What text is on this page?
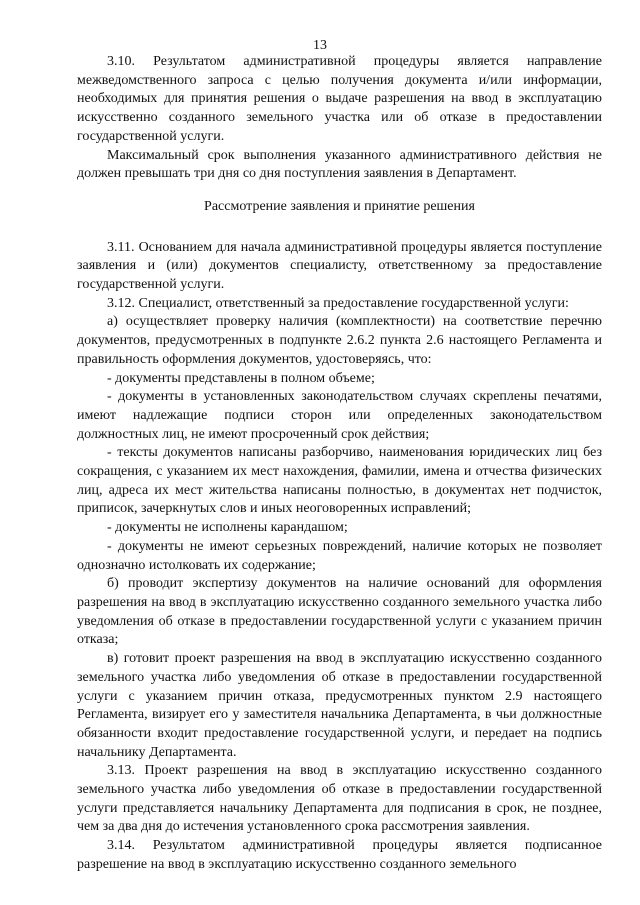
13

3.10. Результатом административной процедуры является направление межведомственного запроса с целью получения документа и/или информации, необходимых для принятия решения о выдаче разрешения на ввод в эксплуатацию искусственно созданного земельного участка или об отказе в предоставлении государственной услуги.

Максимальный срок выполнения указанного административного действия не должен превышать три дня со дня поступления заявления в Департамент.

Рассмотрение заявления и принятие решения

3.11. Основанием для начала административной процедуры является поступление заявления и (или) документов специалисту, ответственному за предоставление государственной услуги.

3.12. Специалист, ответственный за предоставление государственной услуги:

а) осуществляет проверку наличия (комплектности) на соответствие перечню документов, предусмотренных в подпункте 2.6.2 пункта 2.6 настоящего Регламента и правильность оформления документов, удостоверяясь, что:

- документы представлены в полном объеме;

- документы в установленных законодательством случаях скреплены печатями, имеют надлежащие подписи сторон или определенных законодательством должностных лиц, не имеют просроченный срок действия;

- тексты документов написаны разборчиво, наименования юридических лиц без сокращения, с указанием их мест нахождения, фамилии, имена и отчества физических лиц, адреса их мест жительства написаны полностью, в документах нет подчисток, приписок, зачеркнутых слов и иных неоговоренных исправлений;

- документы не исполнены карандашом;

- документы не имеют серьезных повреждений, наличие которых не позволяет однозначно истолковать их содержание;

б) проводит экспертизу документов на наличие оснований для оформления разрешения на ввод в эксплуатацию искусственно созданного земельного участка либо уведомления об отказе в предоставлении государственной услуги с указанием причин отказа;

в) готовит проект разрешения на ввод в эксплуатацию искусственно созданного земельного участка либо уведомления об отказе в предоставлении государственной услуги с указанием причин отказа, предусмотренных пунктом 2.9 настоящего Регламента, визирует его у заместителя начальника Департамента, в чьи должностные обязанности входит предоставление государственной услуги, и передает на подпись начальнику Департамента.

3.13. Проект разрешения на ввод в эксплуатацию искусственно созданного земельного участка либо уведомления об отказе в предоставлении государственной услуги представляется начальнику Департамента для подписания в срок, не позднее, чем за два дня до истечения установленного срока рассмотрения заявления.

3.14. Результатом административной процедуры является подписанное разрешение на ввод в эксплуатацию искусственно созданного земельного
